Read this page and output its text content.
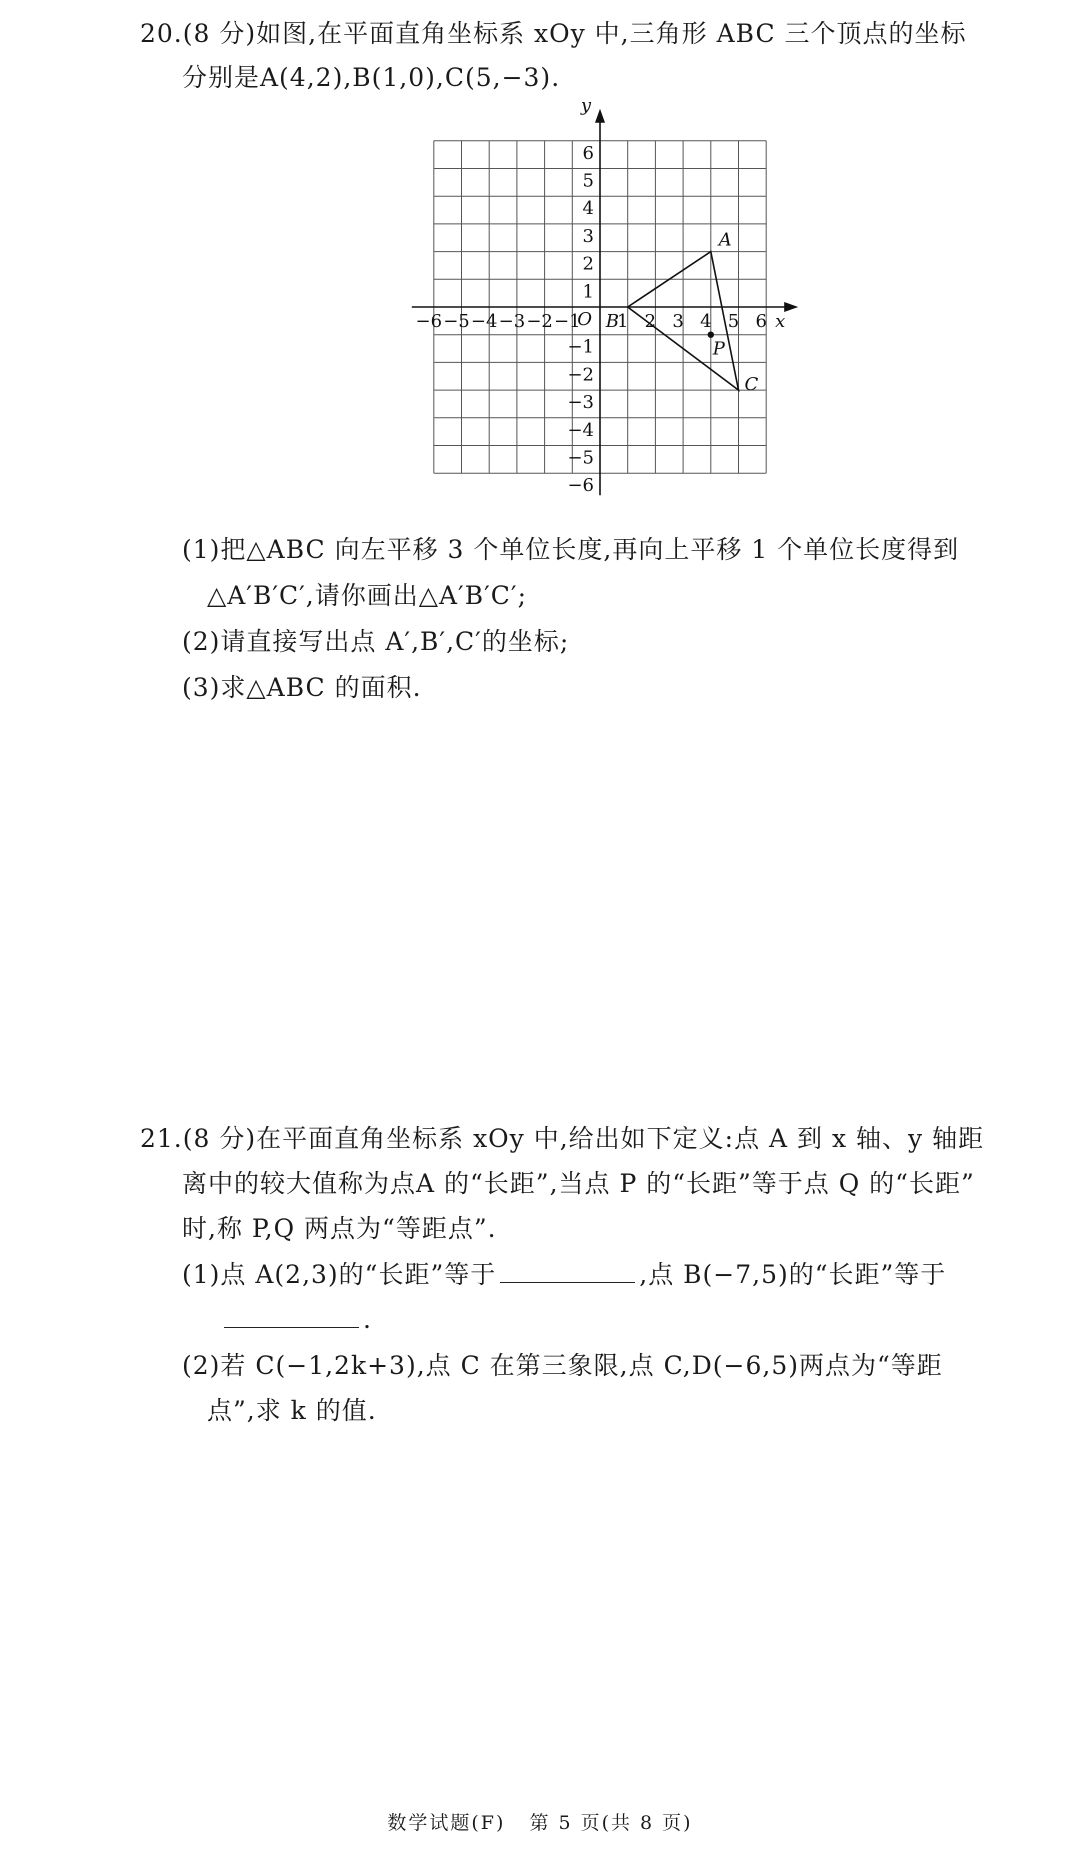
20.(8 分)如图,在平面直角坐标系 xOy 中,三角形 ABC 三个顶点的坐标
分别是A(4,2),B(1,0),C(5,−3).
−6 −5 −4 −3 −2 −1 1 2 3 4 5 6
6
5
4
3
2
1
−1
−2
−3
−4
−5
−6
O	x
y
A
B
C
P
(1)把△ABC 向左平移 3 个单位长度,再向上平移 1 个单位长度得到
△A′B′C′,请你画出△A′B′C′;
(2)请直接写出点 A′,B′,C′的坐标;
(3)求△ABC 的面积.
21.(8 分)在平面直角坐标系 xOy 中,给出如下定义:点 A 到 x 轴、y 轴距
离中的较大值称为点A 的“长距”,当点 P 的“长距”等于点 Q 的“长距”
时,称 P,Q 两点为“等距点”.
(1)点 A(2,3)的“长距”等于	,点 B(−7,5)的“长距”等于
.
(2)若 C(−1,2k+3),点 C 在第三象限,点 C,D(−6,5)两点为“等距
点”,求 k 的值.
数学试题(F) 第 5 页(共 8 页)
